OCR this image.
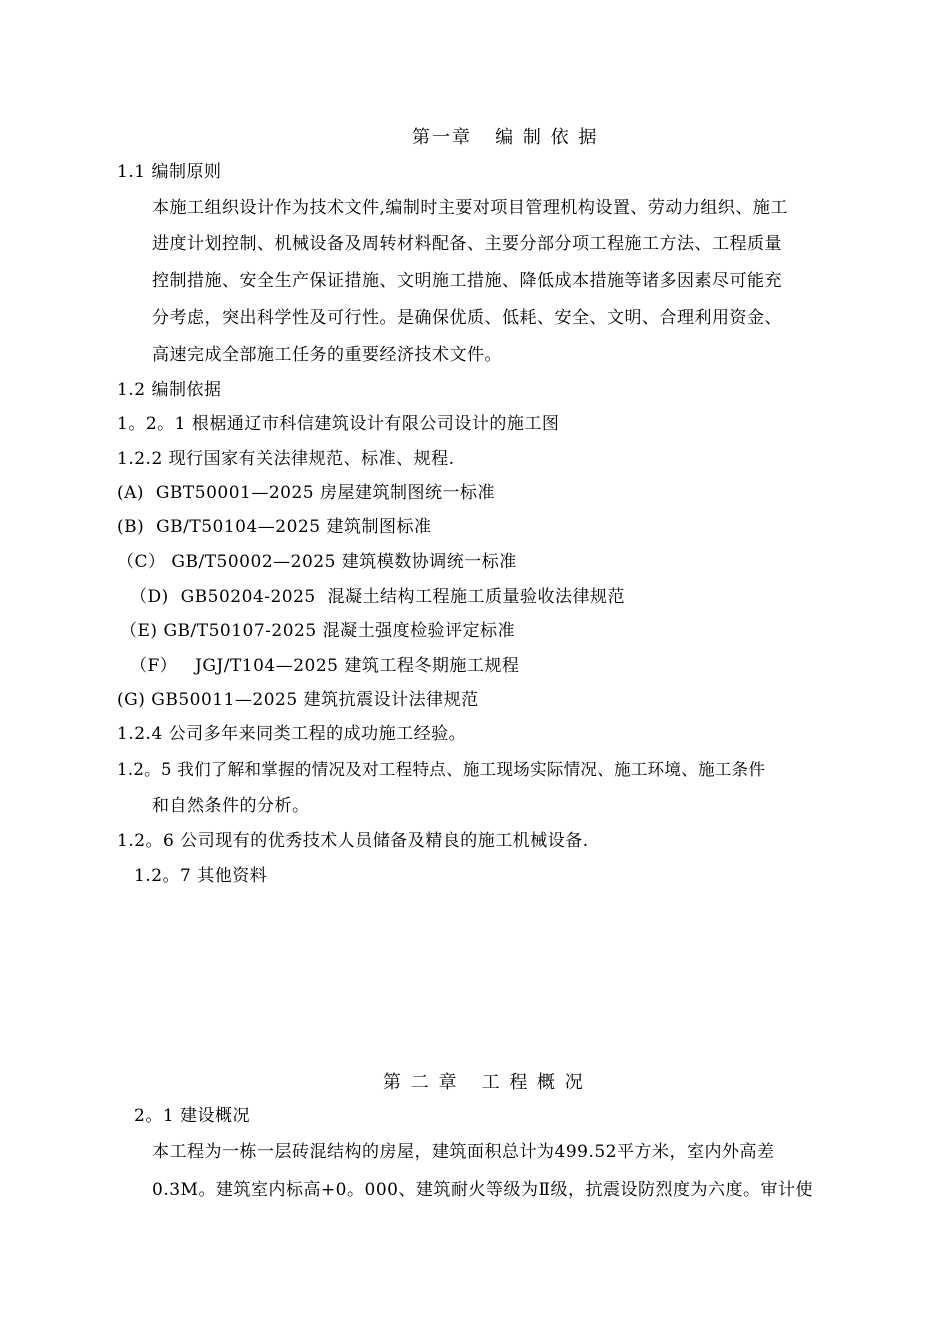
第一章   编 制 依 据
1.1 编制原则
本施工组织设计作为技术文件,编制时主要对项目管理机构设置、劳动力组织、施工
进度计划控制、机械设备及周转材料配备、主要分部分项工程施工方法、工程质量
控制措施、安全生产保证措施、文明施工措施、降低成本措施等诸多因素尽可能充
分考虑，突出科学性及可行性。是确保优质、低耗、安全、文明、合理利用资金、
高速完成全部施工任务的重要经济技术文件。
1.2 编制依据
1。2。1 根椐通辽市科信建筑设计有限公司设计的施工图
1.2.2 现行国家有关法律规范、标准、规程.
(A)  GBT50001—2025 房屋建筑制图统一标准
(B)  GB/T50104—2025 建筑制图标准
（C） GB/T50002—2025 建筑模数协调统一标准
（D)  GB50204-2025  混凝土结构工程施工质量验收法律规范
（E) GB/T50107-2025 混凝土强度检验评定标准
（F）   JGJ/T104—2025 建筑工程冬期施工规程
(G) GB50011—2025 建筑抗震设计法律规范
1.2.4 公司多年来同类工程的成功施工经验。
1.2。5 我们了解和掌握的情况及对工程特点、施工现场实际情况、施工环境、施工条件
和自然条件的分析。
1.2。6 公司现有的优秀技术人员储备及精良的施工机械设备.
1.2。7 其他资料
第 二 章   工 程 概 况
2。1 建设概况
本工程为一栋一层砖混结构的房屋，建筑面积总计为499.52平方米，室内外高差
0.3M。建筑室内标高+0。000、建筑耐火等级为Ⅱ级，抗震设防烈度为六度。审计使
